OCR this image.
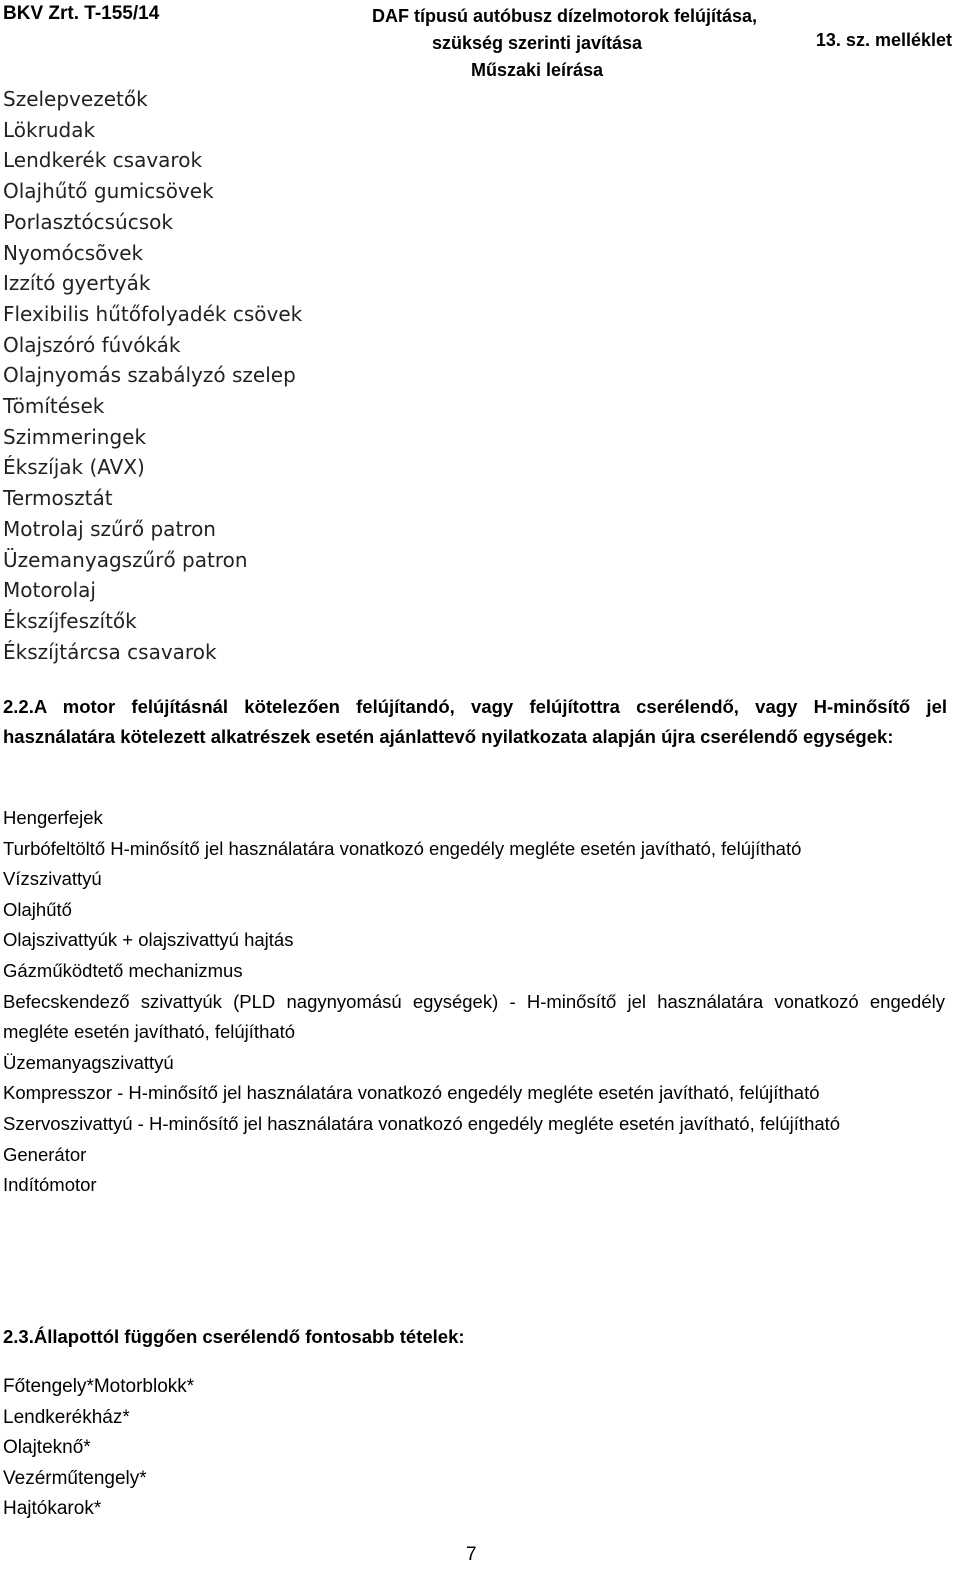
BKV Zrt. T-155/14	DAF típusú autóbusz dízelmotorok felújítása,
szükség szerinti javítása
Műszaki leírása
13. sz. melléklet
Szelepvezetők
Lökrudak
Lendkerék csavarok
Olajhűtő gumicsövek
Porlasztócsúcsok
Nyomócsõvek
Izzító gyertyák
Flexibilis hűtőfolyadék csövek
Olajszóró fúvókák
Olajnyomás szabályzó szelep
Tömítések
Szimmeringek
Ékszíjak (AVX)
Termosztát
Motrolaj szűrő patron
Üzemanyagszűrő patron
Motorolaj
Ékszíjfeszítők
Ékszíjtárcsa csavarok
2.2.A motor felújításnál kötelezően felújítandó, vagy felújítottra cserélendő, vagy H-minősítő jel használatára kötelezett alkatrészek esetén ajánlattevő nyilatkozata alapján újra cserélendő egységek:
Hengerfejek
Turbófeltöltő H-minősítő jel használatára vonatkozó engedély megléte esetén javítható, felújítható
Vízszivattyú
Olajhűtő
Olajszivattyúk + olajszivattyú hajtás
Gázműködtető mechanizmus
Befecskendező szivattyúk (PLD nagynyomású egységek) - H-minősítő jel használatára vonatkozó engedély megléte esetén javítható, felújítható
Üzemanyagszivattyú
Kompresszor - H-minősítő jel használatára vonatkozó engedély megléte esetén javítható, felújítható
Szervoszivattyú - H-minősítő jel használatára vonatkozó engedély megléte esetén javítható, felújítható
Generátor
Indítómotor
2.3.Állapottól függően cserélendő fontosabb tételek:
Főtengely*Motorblokk*
Lendkerékház*
Olajteknő*
Vezérműtengely*
Hajtókarok*
7
